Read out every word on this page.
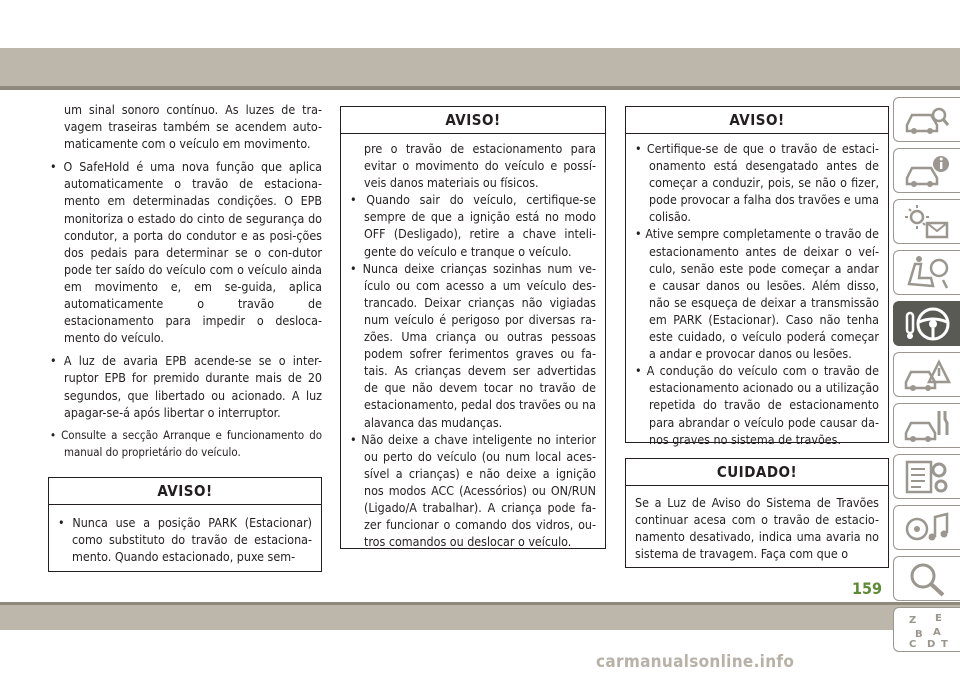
um sinal sonoro contínuo. As luzes de tra-vagem traseiras também se acendem auto-maticamente com o veículo em movimento.

• O SafeHold é uma nova função que aplica automaticamente o travão de estaciona-mento em determinadas condições. O EPB monitoriza o estado do cinto de segurança do condutor, a porta do condutor e as posi-ções dos pedais para determinar se o con-dutor pode ter saído do veículo com o veículo ainda em movimento e, em se-guida, aplica automaticamente o travão de estacionamento para impedir o desloca-mento do veículo.

• A luz de avaria EPB acende-se se o inter-ruptor EPB for premido durante mais de 20 segundos, que libertado ou acionado. A luz apagar-se-á após libertar o interruptor.

• Consulte a secção Arranque e funcionamento do manual do proprietário do veículo.

AVISO!

• Nunca use a posição PARK (Estacionar) como substituto do travão de estaciona-mento. Quando estacionado, puxe sem-

AVISO!

pre o travão de estacionamento para evitar o movimento do veículo e possí-veis danos materiais ou físicos.

• Quando sair do veículo, certifique-se sempre de que a ignição está no modo OFF (Desligado), retire a chave inteli-gente do veículo e tranque o veículo.

• Nunca deixe crianças sozinhas num ve-ículo ou com acesso a um veículo des-trancado. Deixar crianças não vigiadas num veículo é perigoso por diversas ra-zões. Uma criança ou outras pessoas podem sofrer ferimentos graves ou fa-tais. As crianças devem ser advertidas de que não devem tocar no travão de estacionamento, pedal dos travões ou na alavanca das mudanças.

• Não deixe a chave inteligente no interior ou perto do veículo (ou num local aces-sível a crianças) e não deixe a ignição nos modos ACC (Acessórios) ou ON/RUN (Ligado/A trabalhar). A criança pode fa-zer funcionar o comando dos vidros, ou-tros comandos ou deslocar o veículo.

AVISO!

• Certifique-se de que o travão de estaci-onamento está desengatado antes de começar a conduzir, pois, se não o fizer, pode provocar a falha dos travões e uma colisão.

• Ative sempre completamente o travão de estacionamento antes de deixar o veí-culo, senão este pode começar a andar e causar danos ou lesões. Além disso, não se esqueça de deixar a transmissão em PARK (Estacionar). Caso não tenha este cuidado, o veículo poderá começar a andar e provocar danos ou lesões.

• A condução do veículo com o travão de estacionamento acionado ou a utilização repetida do travão de estacionamento para abrandar o veículo pode causar da-nos graves no sistema de travões.

CUIDADO!

Se a Luz de Aviso do Sistema de Travões continuar acesa com o travão de estacio-namento desativado, indica uma avaria no sistema de travagem. Faça com que o

Z E
B A
C D T
159
carmanualsonline.info
